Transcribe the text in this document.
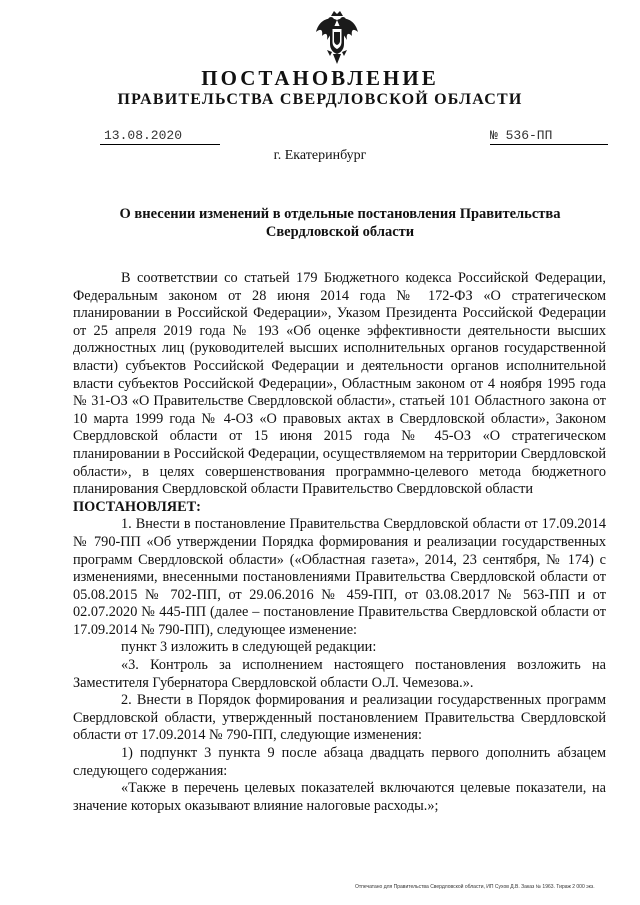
ПОСТАНОВЛЕНИЕ
ПРАВИТЕЛЬСТВА СВЕРДЛОВСКОЙ ОБЛАСТИ
13.08.2020	№ 536-ПП
г. Екатеринбург
О внесении изменений в отдельные постановления Правительства Свердловской области

В соответствии со статьей 179 Бюджетного кодекса Российской Федерации, Федеральным законом от 28 июня 2014 года № 172-ФЗ «О стратегическом планировании в Российской Федерации», Указом Президента Российской Федерации от 25 апреля 2019 года № 193 «Об оценке эффективности деятельности высших должностных лиц (руководителей высших исполнительных органов государственной власти) субъектов Российской Федерации и деятельности органов исполнительной власти субъектов Российской Федерации», Областным законом от 4 ноября 1995 года № 31-ОЗ «О Правительстве Свердловской области», статьей 101 Областного закона от 10 марта 1999 года № 4-ОЗ «О правовых актах в Свердловской области», Законом Свердловской области от 15 июня 2015 года № 45-ОЗ «О стратегическом планировании в Российской Федерации, осуществляемом на территории Свердловской области», в целях совершенствования программно-целевого метода бюджетного планирования Свердловской области Правительство Свердловской области

ПОСТАНОВЛЯЕТ:

1. Внести в постановление Правительства Свердловской области от 17.09.2014 № 790-ПП «Об утверждении Порядка формирования и реализации государственных программ Свердловской области» («Областная газета», 2014, 23 сентября, № 174) с изменениями, внесенными постановлениями Правительства Свердловской области от 05.08.2015 № 702-ПП, от 29.06.2016 № 459-ПП, от 03.08.2017 № 563-ПП и от 02.07.2020 № 445-ПП (далее – постановление Правительства Свердловской области от 17.09.2014 № 790-ПП), следующее изменение:

пункт 3 изложить в следующей редакции:

«3. Контроль за исполнением настоящего постановления возложить на Заместителя Губернатора Свердловской области О.Л. Чемезова.».

2. Внести в Порядок формирования и реализации государственных программ Свердловской области, утвержденный постановлением Правительства Свердловской области от 17.09.2014 № 790-ПП, следующие изменения:

1) подпункт 3 пункта 9 после абзаца двадцать первого дополнить абзацем следующего содержания:

«Также в перечень целевых показателей включаются целевые показатели, на значение которых оказывают влияние налоговые расходы.»;

Отпечатано для Правительства Свердловской области, ИП Сухов Д.В. Заказ № 1963. Тираж 2 000 экз.
